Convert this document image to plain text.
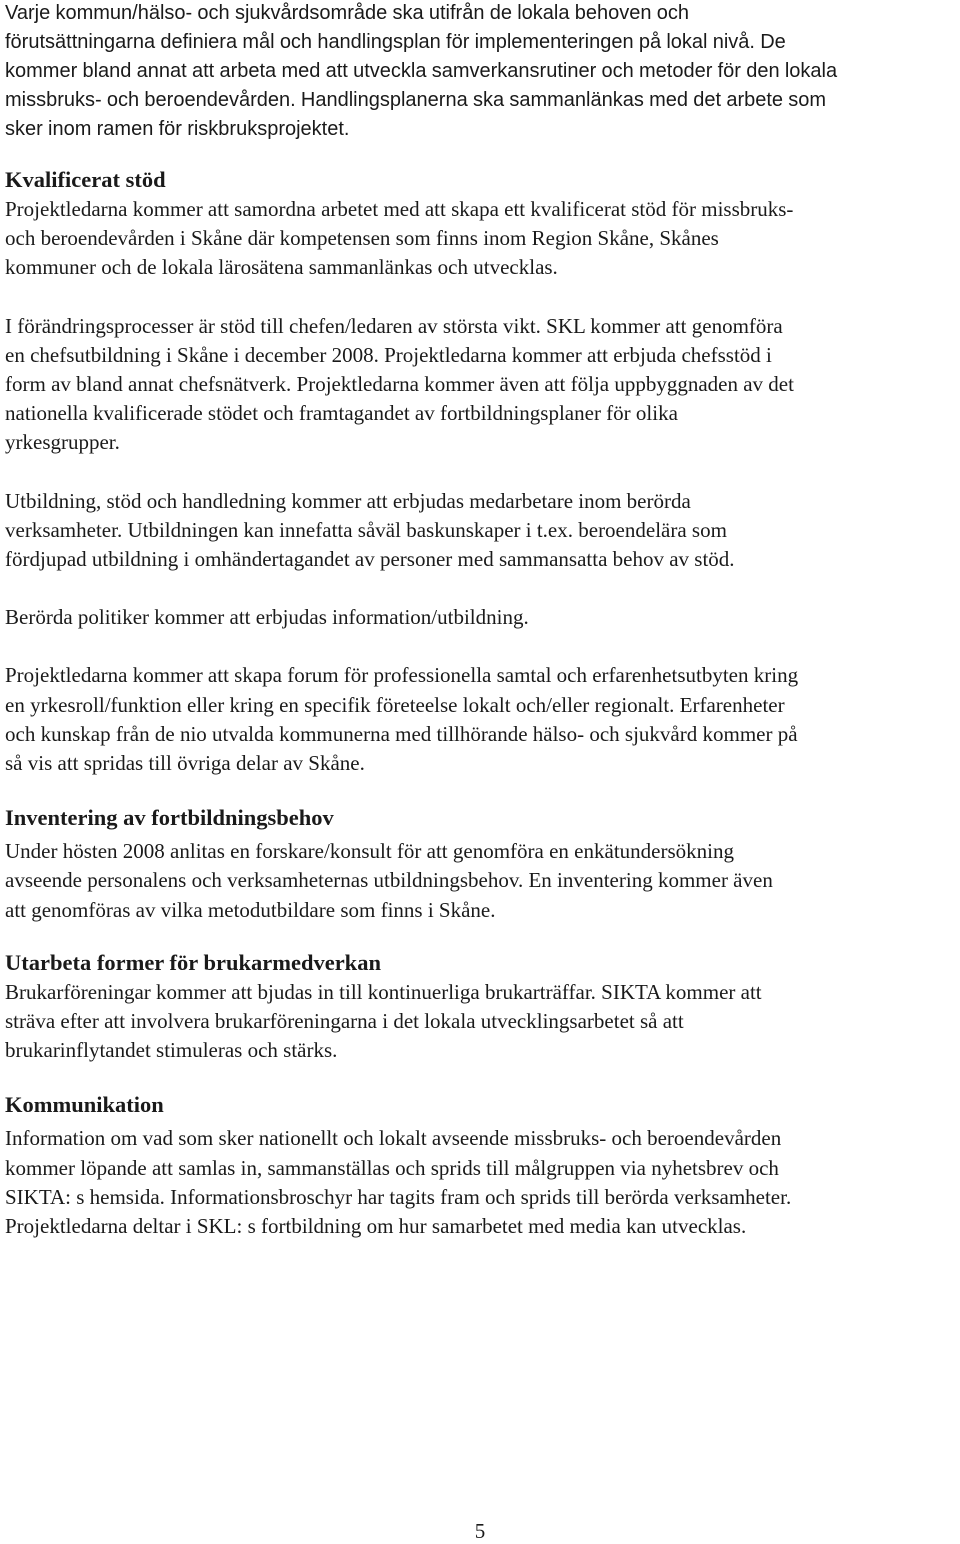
Varje kommun/hälso- och sjukvårdsområde ska utifrån de lokala behoven och
förutsättningarna definiera mål och handlingsplan för implementeringen på lokal nivå. De
kommer bland annat att arbeta med att utveckla samverkansrutiner och metoder för den lokala
missbruks- och beroendevården. Handlingsplanerna ska sammanlänkas med det arbete som
sker inom ramen för riskbruksprojektet.
Kvalificerat stöd

Projektledarna kommer att samordna arbetet med att skapa ett kvalificerat stöd för missbruks-
och beroendevården i Skåne där kompetensen som finns inom Region Skåne, Skånes
kommuner och de lokala lärosätena sammanlänkas och utvecklas.

I förändringsprocesser är stöd till chefen/ledaren av största vikt. SKL kommer att genomföra
en chefsutbildning i Skåne i december 2008. Projektledarna kommer att erbjuda chefsstöd i
form av bland annat chefsnätverk. Projektledarna kommer även att följa uppbyggnaden av det
nationella kvalificerade stödet och framtagandet av fortbildningsplaner för olika
yrkesgrupper.

Utbildning, stöd och handledning kommer att erbjudas medarbetare inom berörda
verksamheter. Utbildningen kan innefatta såväl baskunskaper i t.ex. beroendelära som
fördjupad utbildning i omhändertagandet av personer med sammansatta behov av stöd.

Berörda politiker kommer att erbjudas information/utbildning.

Projektledarna kommer att skapa forum för professionella samtal och erfarenhetsutbyten kring
en yrkesroll/funktion eller kring en specifik företeelse lokalt och/eller regionalt. Erfarenheter
och kunskap från de nio utvalda kommunerna med tillhörande hälso- och sjukvård kommer på
så vis att spridas till övriga delar av Skåne.

Inventering av fortbildningsbehov

Under hösten 2008 anlitas en forskare/konsult för att genomföra en enkätundersökning
avseende personalens och verksamheternas utbildningsbehov. En inventering kommer även
att genomföras av vilka metodutbildare som finns i Skåne.

Utarbeta former för brukarmedverkan

Brukarföreningar kommer att bjudas in till kontinuerliga brukarträffar. SIKTA kommer att
sträva efter att involvera brukarföreningarna i det lokala utvecklingsarbetet så att
brukarinflytandet stimuleras och stärks.

Kommunikation

Information om vad som sker nationellt och lokalt avseende missbruks- och beroendevården
kommer löpande att samlas in, sammanställas och sprids till målgruppen via nyhetsbrev och
SIKTA: s hemsida. Informationsbroschyr har tagits fram och sprids till berörda verksamheter.
Projektledarna deltar i SKL: s fortbildning om hur samarbetet med media kan utvecklas.

5
